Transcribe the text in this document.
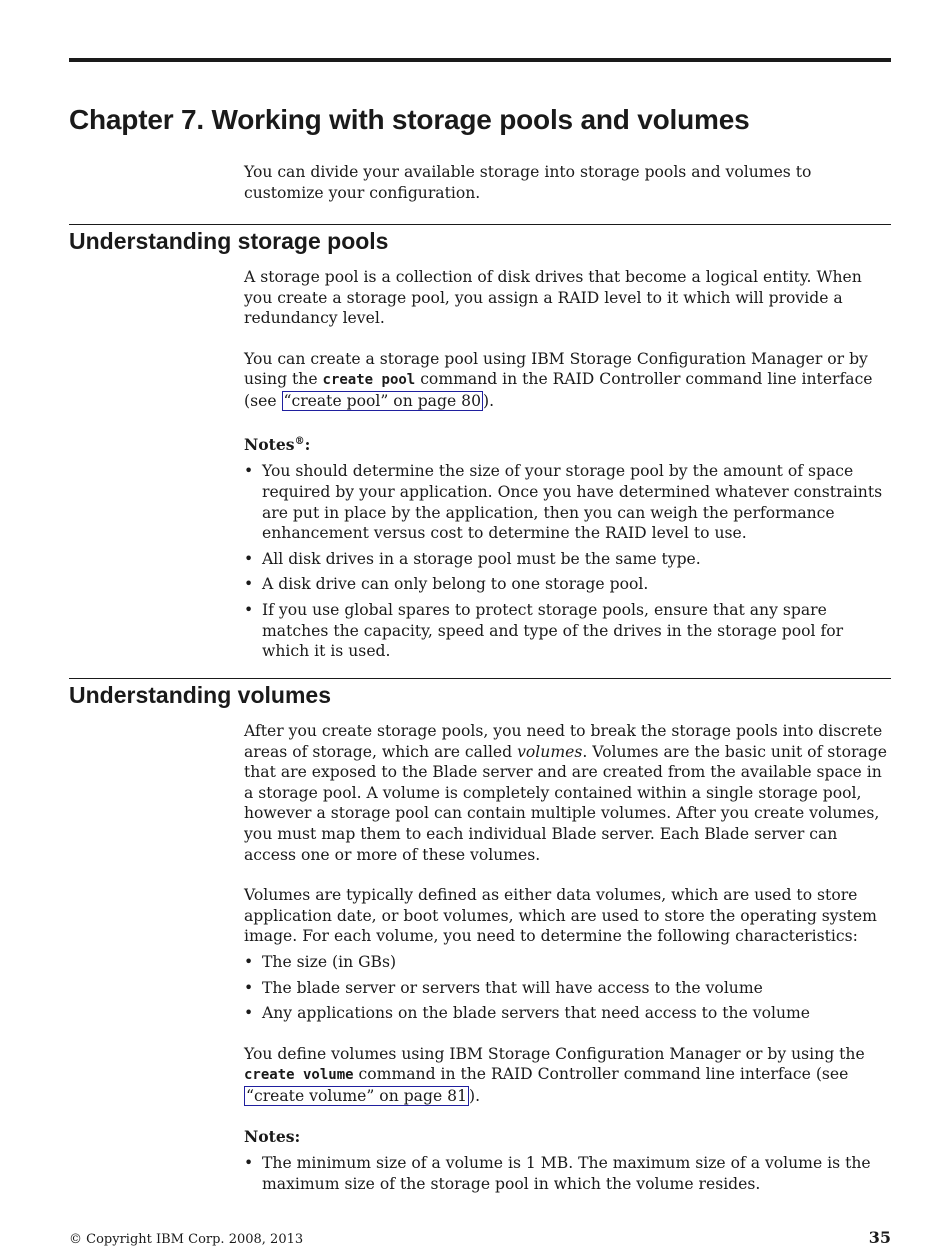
Chapter 7. Working with storage pools and volumes

You can divide your available storage into storage pools and volumes to customize your configuration.

Understanding storage pools

A storage pool is a collection of disk drives that become a logical entity. When you create a storage pool, you assign a RAID level to it which will provide a redundancy level.

You can create a storage pool using IBM Storage Configuration Manager or by using the create pool command in the RAID Controller command line interface (see “create pool” on page 80 ).

Notes®:

• You should determine the size of your storage pool by the amount of space required by your application. Once you have determined whatever constraints are put in place by the application, then you can weigh the performance enhancement versus cost to determine the RAID level to use.
• All disk drives in a storage pool must be the same type.
• A disk drive can only belong to one storage pool.
• If you use global spares to protect storage pools, ensure that any spare matches the capacity, speed and type of the drives in the storage pool for which it is used.
Understanding volumes

After you create storage pools, you need to break the storage pools into discrete areas of storage, which are called volumes. Volumes are the basic unit of storage that are exposed to the Blade server and are created from the available space in a storage pool. A volume is completely contained within a single storage pool, however a storage pool can contain multiple volumes. After you create volumes, you must map them to each individual Blade server. Each Blade server can access one or more of these volumes.

Volumes are typically defined as either data volumes, which are used to store application date, or boot volumes, which are used to store the operating system image. For each volume, you need to determine the following characteristics:

• The size (in GBs)
• The blade server or servers that will have access to the volume
• Any applications on the blade servers that need access to the volume

You define volumes using IBM Storage Configuration Manager or by using the create volume command in the RAID Controller command line interface (see “create volume” on page 81 ).

Notes:

• The minimum size of a volume is 1 MB. The maximum size of a volume is the maximum size of the storage pool in which the volume resides.
© Copyright IBM Corp. 2008, 2013	35
